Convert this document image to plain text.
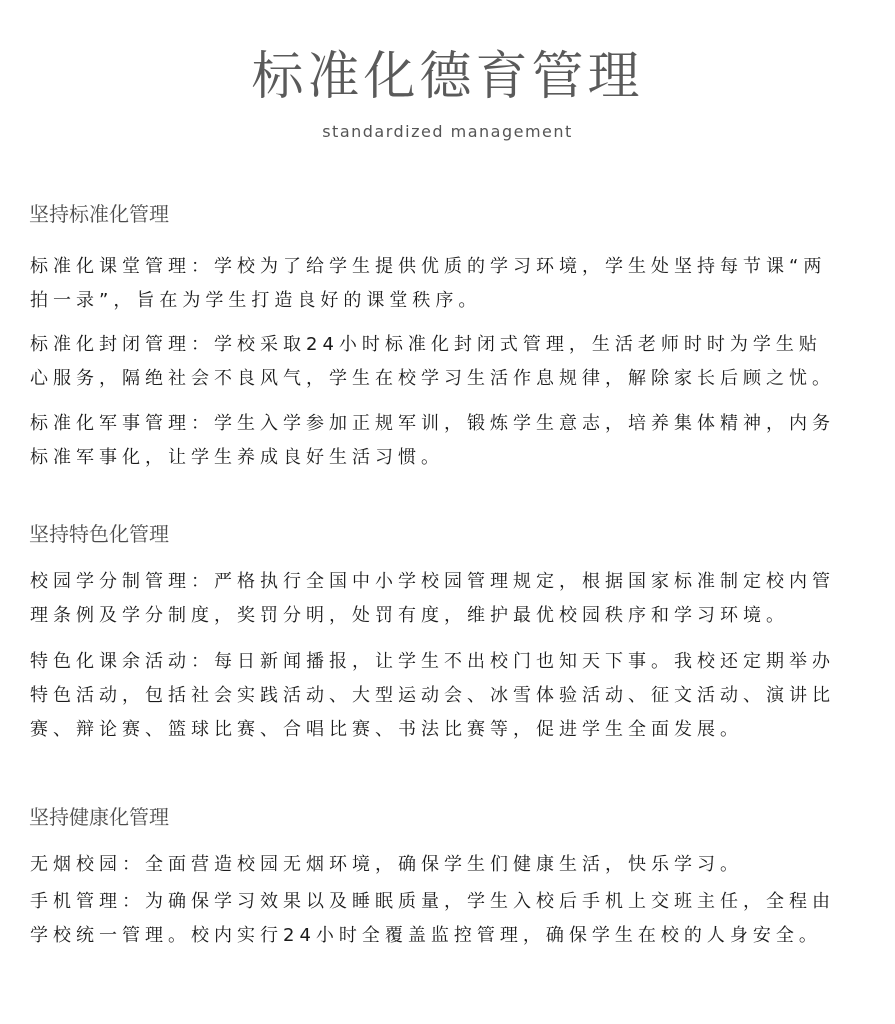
标准化德育管理
standardized management
坚持标准化管理
标准化课堂管理：学校为了给学生提供优质的学习环境，学生处坚持每节课“两
拍一录”，旨在为学生打造良好的课堂秩序。
标准化封闭管理：学校采取24小时标准化封闭式管理，生活老师时时为学生贴
心服务，隔绝社会不良风气，学生在校学习生活作息规律，解除家长后顾之忧。
标准化军事管理：学生入学参加正规军训，锻炼学生意志，培养集体精神，内务
标准军事化，让学生养成良好生活习惯。
坚持特色化管理
校园学分制管理：严格执行全国中小学校园管理规定，根据国家标准制定校内管
理条例及学分制度，奖罚分明，处罚有度，维护最优校园秩序和学习环境。
特色化课余活动：每日新闻播报，让学生不出校门也知天下事。我校还定期举办
特色活动，包括社会实践活动、大型运动会、冰雪体验活动、征文活动、演讲比
赛、辩论赛、篮球比赛、合唱比赛、书法比赛等，促进学生全面发展。
坚持健康化管理
无烟校园：全面营造校园无烟环境，确保学生们健康生活，快乐学习。
手机管理：为确保学习效果以及睡眠质量，学生入校后手机上交班主任，全程由
学校统一管理。校内实行24小时全覆盖监控管理，确保学生在校的人身安全。
